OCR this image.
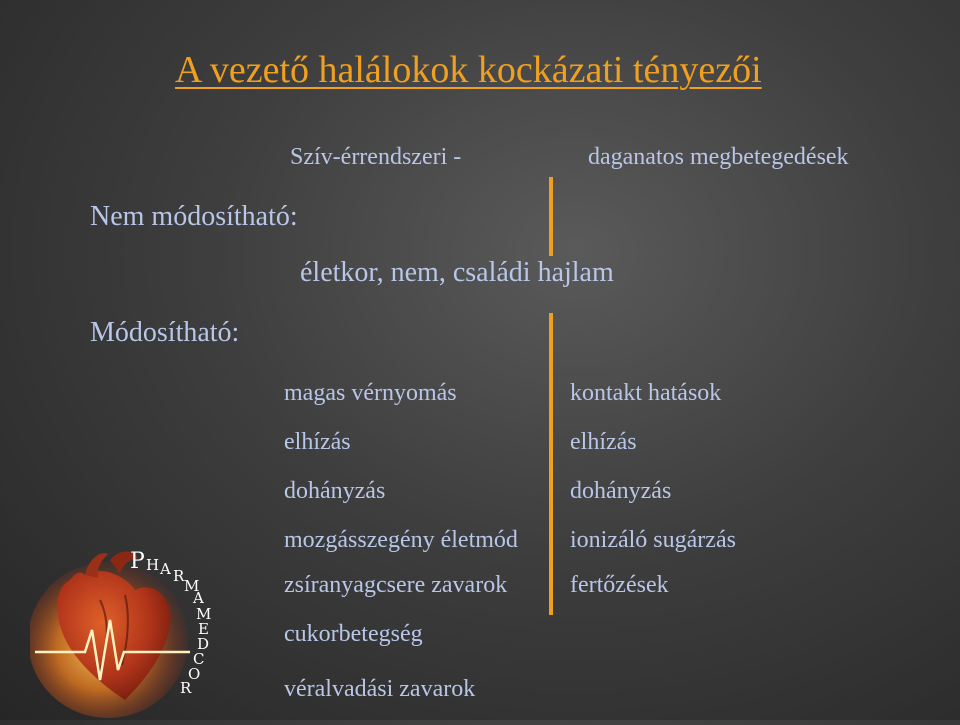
A vezető halálokok kockázati tényezői
Szív-érrendszeri -	daganatos megbetegedések
Nem módosítható:
életkor, nem, családi hajlam
Módosítható:
magas vérnyomás
elhízás
dohányzás
mozgásszegény életmód
zsíranyagcsere zavarok
cukorbetegség
véralvadási zavarok
kontakt hatások
elhízás
dohányzás
ionizáló sugárzás
fertőzések
P H A R
M
A
M
E
D
C
O
R
